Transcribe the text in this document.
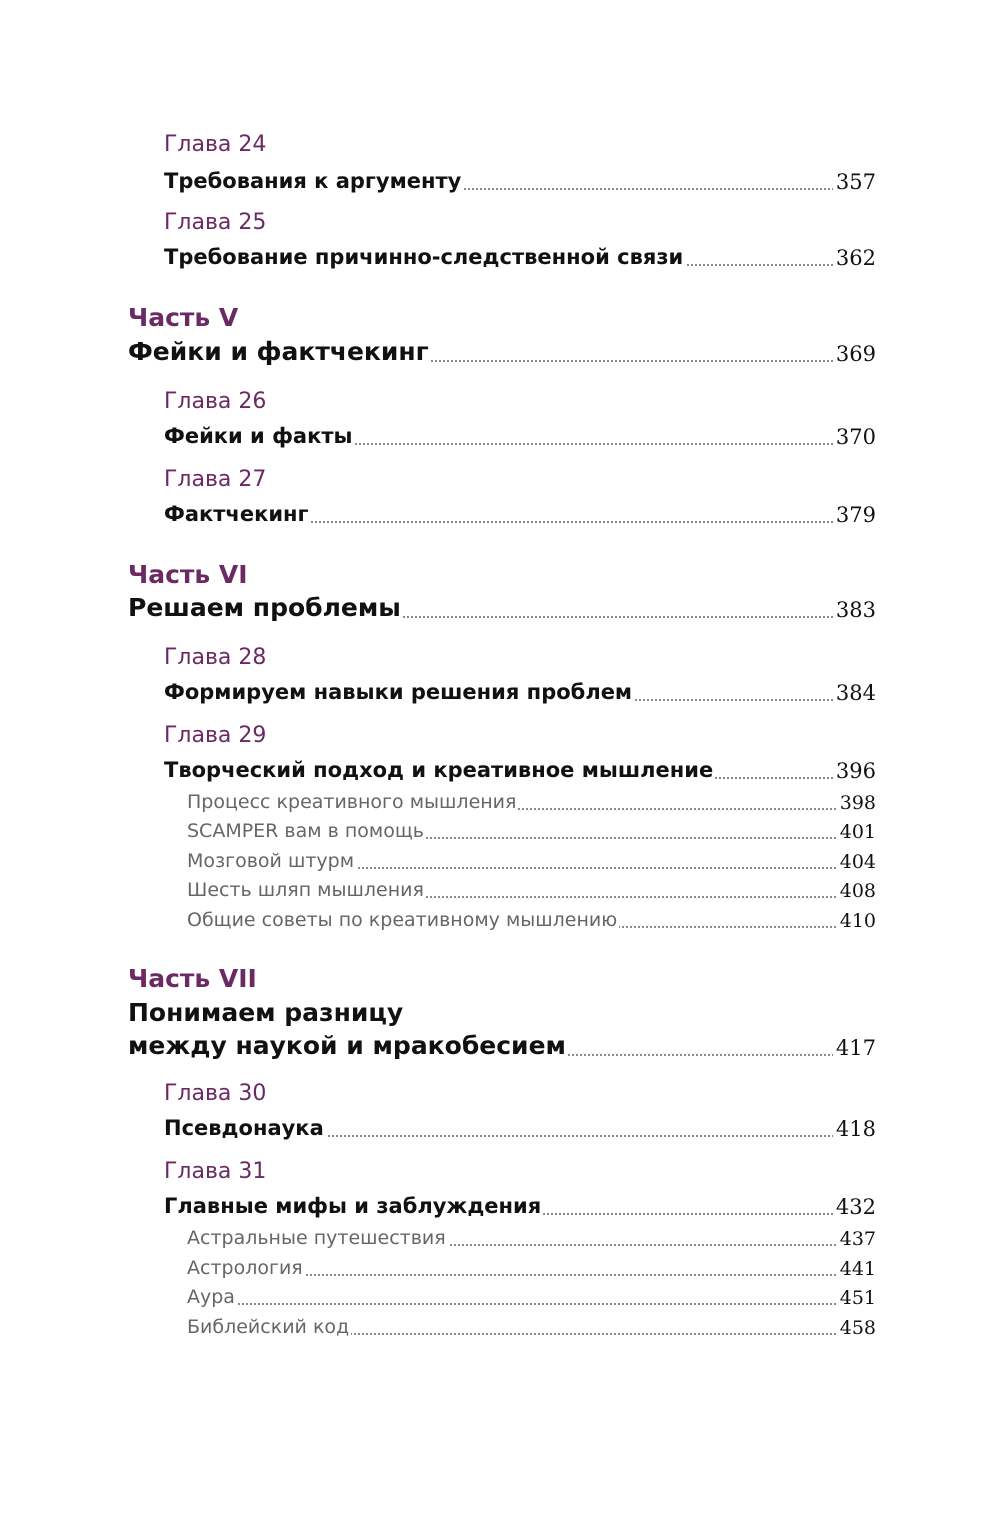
Глава 24
Требования к аргументу	357
Глава 25
Требование причинно-следственной связи	362
Часть V
Фейки и фактчекинг	369
Глава 26
Фейки и факты	370
Глава 27
Фактчекинг	379
Часть VI
Решаем проблемы	383
Глава 28
Формируем навыки решения проблем	384
Глава 29
Творческий подход и креативное мышление	396
Процесс креативного мышления	398
SCAMPER вам в помощь	401
Мозговой штурм	404
Шесть шляп мышления	408
Общие советы по креативному мышлению	410
Часть VII
Понимаем разницу
между наукой и мракобесием	417
Глава 30
Псевдонаука	418
Глава 31
Главные мифы и заблуждения	432
Астральные путешествия	437
Астрология	441
Аура	451
Библейский код	458
